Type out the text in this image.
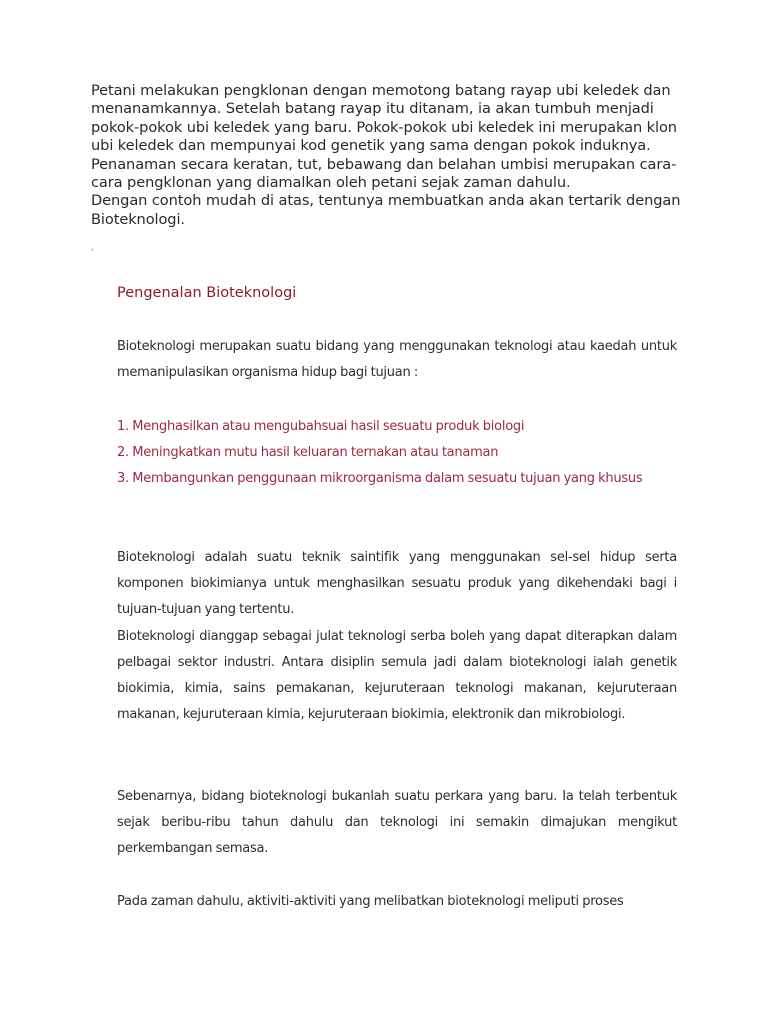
Petani melakukan pengklonan dengan memotong batang rayap ubi keledek dan menanamkannya. Setelah batang rayap itu ditanam, ia akan tumbuh menjadi pokok-pokok ubi keledek yang baru. Pokok-pokok ubi keledek ini merupakan klon ubi keledek dan mempunyai kod genetik yang sama dengan pokok induknya. Penanaman secara keratan, tut, bebawang dan belahan umbisi merupakan cara-cara pengklonan yang diamalkan oleh petani sejak zaman dahulu.

Dengan contoh mudah di atas, tentunya membuatkan anda akan tertarik dengan Bioteknologi.

'
Pengenalan Bioteknologi

Bioteknologi merupakan suatu bidang yang menggunakan teknologi atau kaedah untuk memanipulasikan organisma hidup bagi tujuan :

1. Menghasilkan atau mengubahsuai hasil sesuatu produk biologi
2. Meningkatkan mutu hasil keluaran ternakan atau tanaman
3. Membangunkan penggunaan mikroorganisma dalam sesuatu tujuan yang khusus

Bioteknologi adalah suatu teknik saintifik yang menggunakan sel-sel hidup serta komponen biokimianya untuk menghasilkan sesuatu produk yang dikehendaki bagi i tujuan-tujuan yang tertentu.

Bioteknologi dianggap sebagai julat teknologi serba boleh yang dapat diterapkan dalam pelbagai sektor industri. Antara disiplin semula jadi dalam bioteknologi ialah genetik biokimia, kimia, sains pemakanan, kejuruteraan teknologi makanan, kejuruteraan makanan, kejuruteraan kimia, kejuruteraan biokimia, elektronik dan mikrobiologi.

Sebenarnya, bidang bioteknologi bukanlah suatu perkara yang baru. Ia telah terbentuk sejak beribu-ribu tahun dahulu dan teknologi ini semakin dimajukan mengikut perkembangan semasa.

Pada zaman dahulu, aktiviti-aktiviti yang melibatkan bioteknologi meliputi proses
